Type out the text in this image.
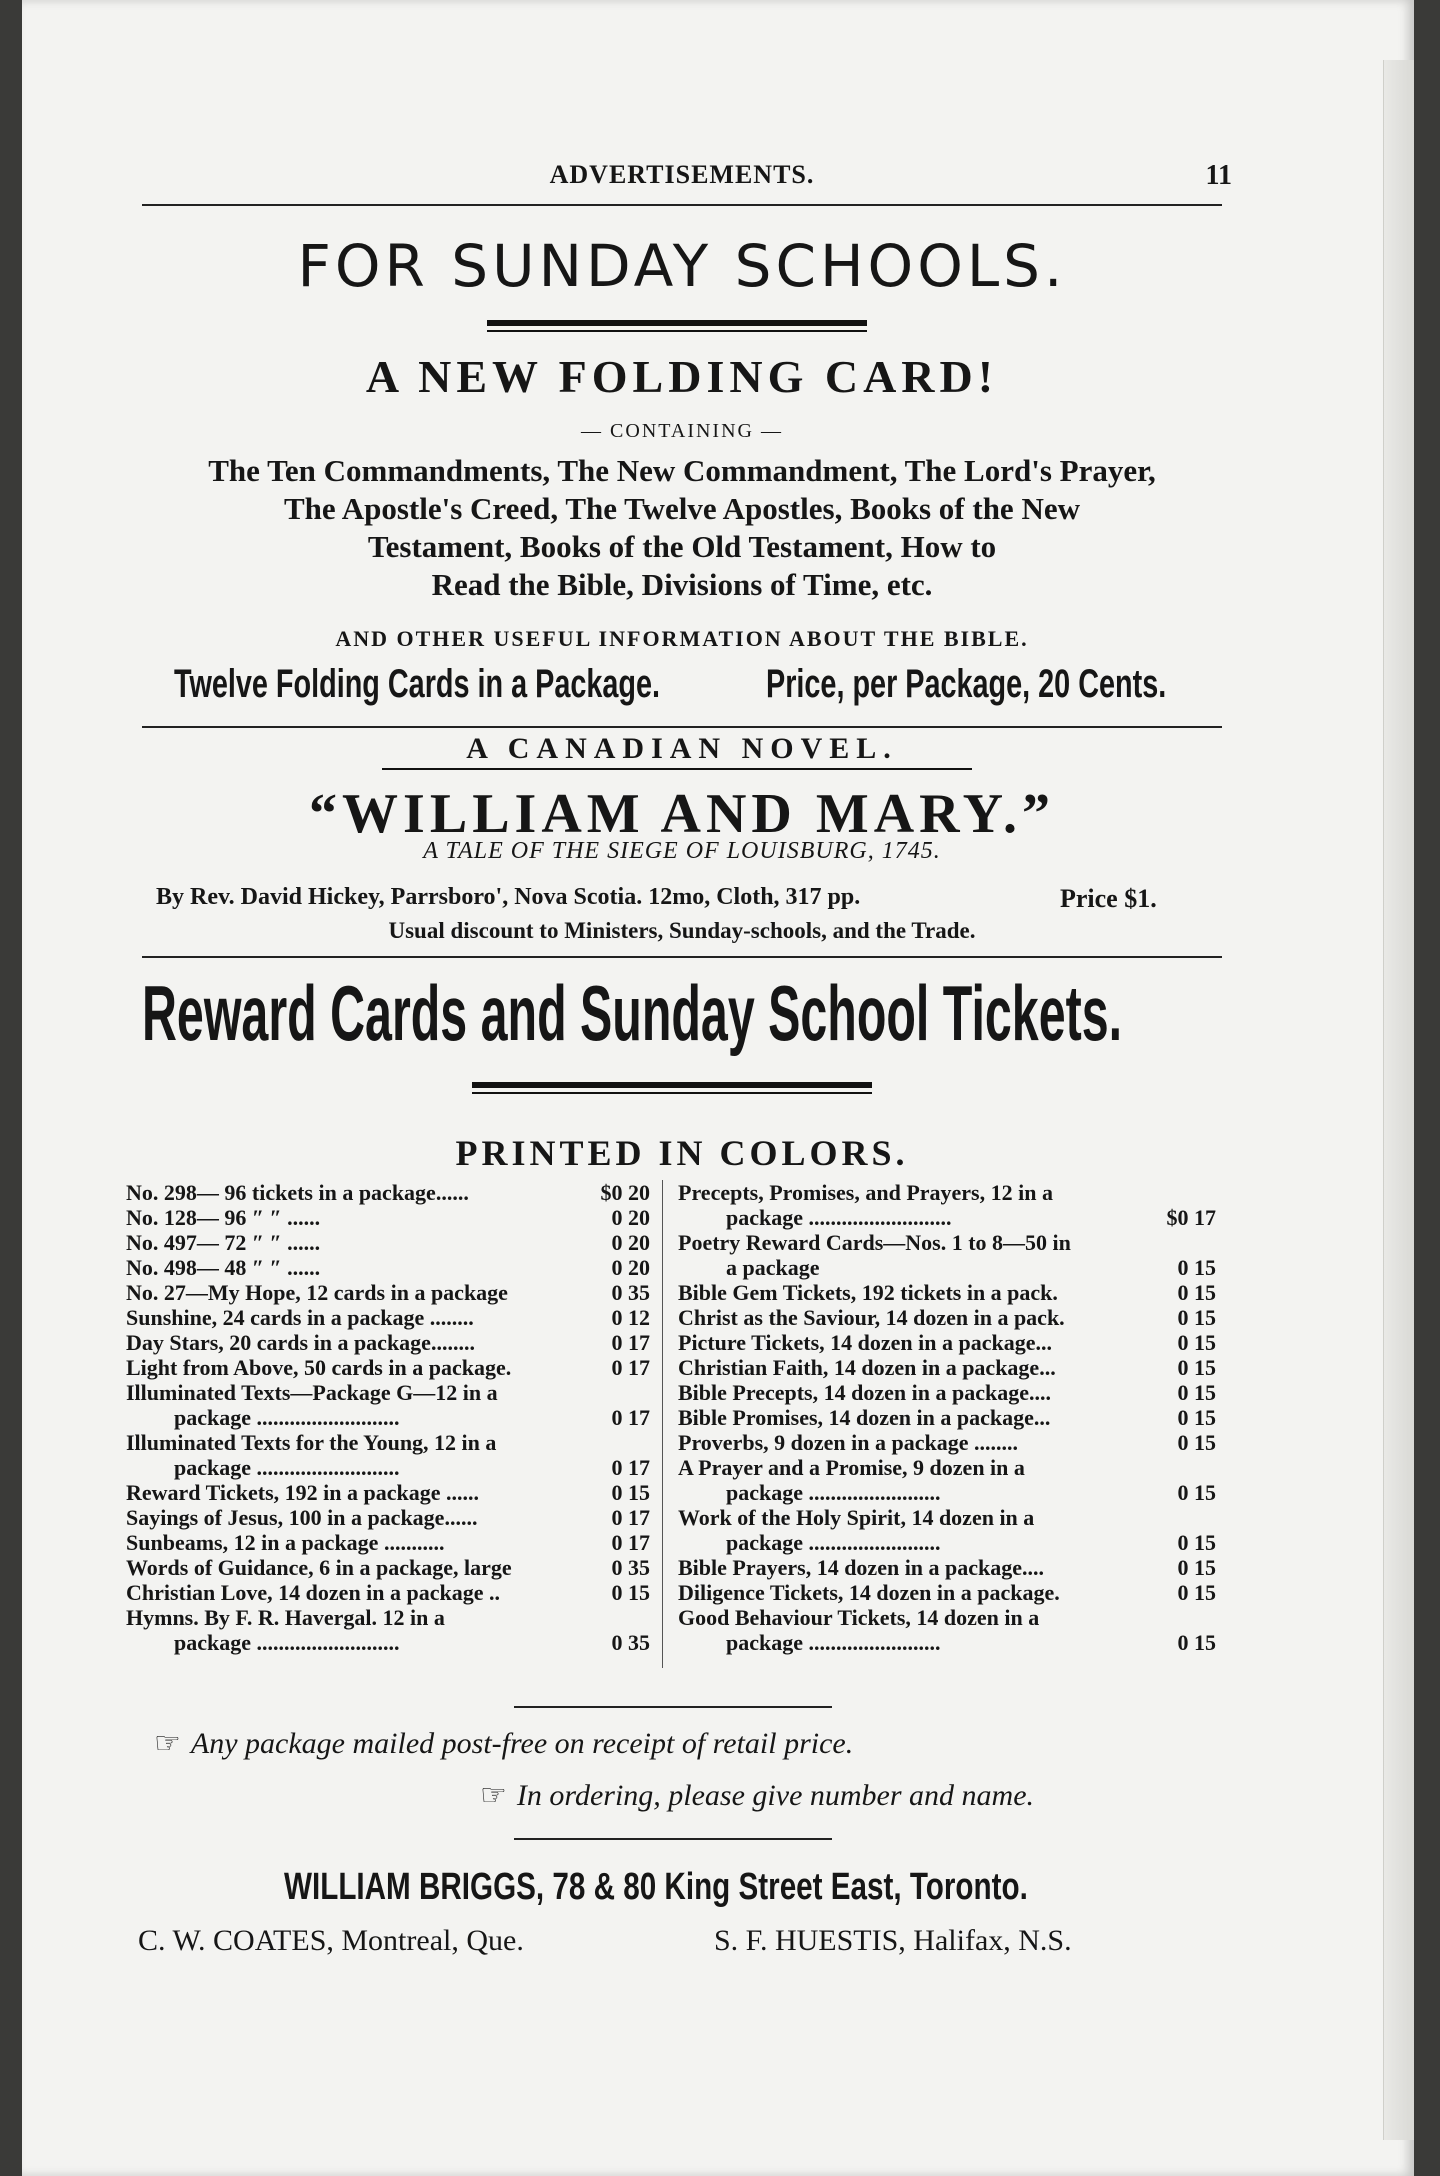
ADVERTISEMENTS.	11
FOR SUNDAY SCHOOLS.
A NEW FOLDING CARD!
— CONTAINING —
The Ten Commandments, The New Commandment, The Lord's Prayer,
The Apostle's Creed, The Twelve Apostles, Books of the New
Testament, Books of the Old Testament, How to
Read the Bible, Divisions of Time, etc.
AND OTHER USEFUL INFORMATION ABOUT THE BIBLE.
Twelve Folding Cards in a Package.	Price, per Package, 20 Cents.
A CANADIAN NOVEL.
“WILLIAM AND MARY.”
A TALE OF THE SIEGE OF LOUISBURG, 1745.
By Rev. David Hickey, Parrsboro', Nova Scotia. 12mo, Cloth, 317 pp.	Price $1.
Usual discount to Ministers, Sunday-schools, and the Trade.
Reward Cards and Sunday School Tickets.
PRINTED IN COLORS.
No. 298— 96 tickets in a package......	$0 20
No. 128— 96 ″ ″ ......	0 20
No. 497— 72 ″ ″ ......	0 20
No. 498— 48 ″ ″ ......	0 20
No. 27—My Hope, 12 cards in a package	0 35
Sunshine, 24 cards in a package ........	0 12
Day Stars, 20 cards in a package........	0 17
Light from Above, 50 cards in a package.	0 17
Illuminated Texts—Package G—12 in a
package ..........................	0 17
Illuminated Texts for the Young, 12 in a
package ..........................	0 17
Reward Tickets, 192 in a package ......	0 15
Sayings of Jesus, 100 in a package......	0 17
Sunbeams, 12 in a package ...........	0 17
Words of Guidance, 6 in a package, large	0 35
Christian Love, 14 dozen in a package ..	0 15
Hymns. By F. R. Havergal. 12 in a
package ..........................	0 35
Precepts, Promises, and Prayers, 12 in a
package ..........................	$0 17
Poetry Reward Cards—Nos. 1 to 8—50 in
a package	0 15
Bible Gem Tickets, 192 tickets in a pack.	0 15
Christ as the Saviour, 14 dozen in a pack.	0 15
Picture Tickets, 14 dozen in a package...	0 15
Christian Faith, 14 dozen in a package...	0 15
Bible Precepts, 14 dozen in a package....	0 15
Bible Promises, 14 dozen in a package...	0 15
Proverbs, 9 dozen in a package ........	0 15
A Prayer and a Promise, 9 dozen in a
package ........................	0 15
Work of the Holy Spirit, 14 dozen in a
package ........................	0 15
Bible Prayers, 14 dozen in a package....	0 15
Diligence Tickets, 14 dozen in a package.	0 15
Good Behaviour Tickets, 14 dozen in a
package ........................	0 15
☞ Any package mailed post-free on receipt of retail price.
☞ In ordering, please give number and name.
WILLIAM BRIGGS, 78 & 80 King Street East, Toronto.
C. W. COATES, Montreal, Que.	S. F. HUESTIS, Halifax, N.S.
